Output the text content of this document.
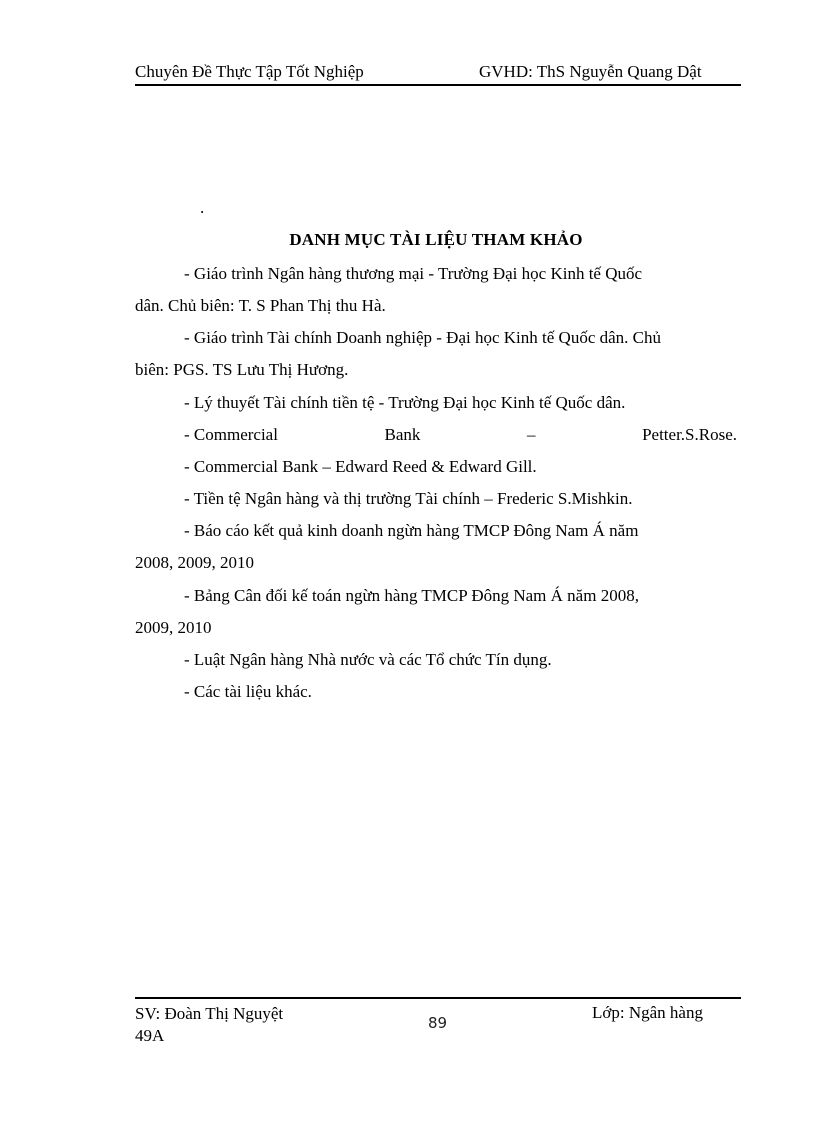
Chuyên Đề Thực Tập Tốt Nghiệp	GVHD: ThS Nguyễn Quang Dật
.
DANH MỤC TÀI LIỆU THAM KHẢO
- Giáo trình Ngân hàng thương mại - Trường Đại học Kinh tế Quốc
dân. Chủ biên: T. S Phan Thị thu Hà.
- Giáo trình Tài chính Doanh nghiệp - Đại học Kinh tế Quốc dân. Chủ
biên: PGS. TS Lưu Thị Hương.
- Lý thuyết Tài chính tiền tệ - Trường Đại học Kinh tế Quốc dân.
- Commercial	Bank	–	Petter.S.Rose.
- Commercial Bank – Edward Reed & Edward Gill.
- Tiền tệ Ngân hàng và thị trường Tài chính – Frederic S.Mishkin.
- Báo cáo kết quả kinh doanh ngừn hàng TMCP Đông Nam Á năm
2008, 2009, 2010
- Bảng Cân đối kế toán ngừn hàng TMCP Đông Nam Á năm 2008,
2009, 2010
- Luật Ngân hàng Nhà nước và các Tổ chức Tín dụng.
- Các tài liệu khác.
SV: Đoàn Thị Nguyệt
49A
89
Lớp: Ngân hàng
